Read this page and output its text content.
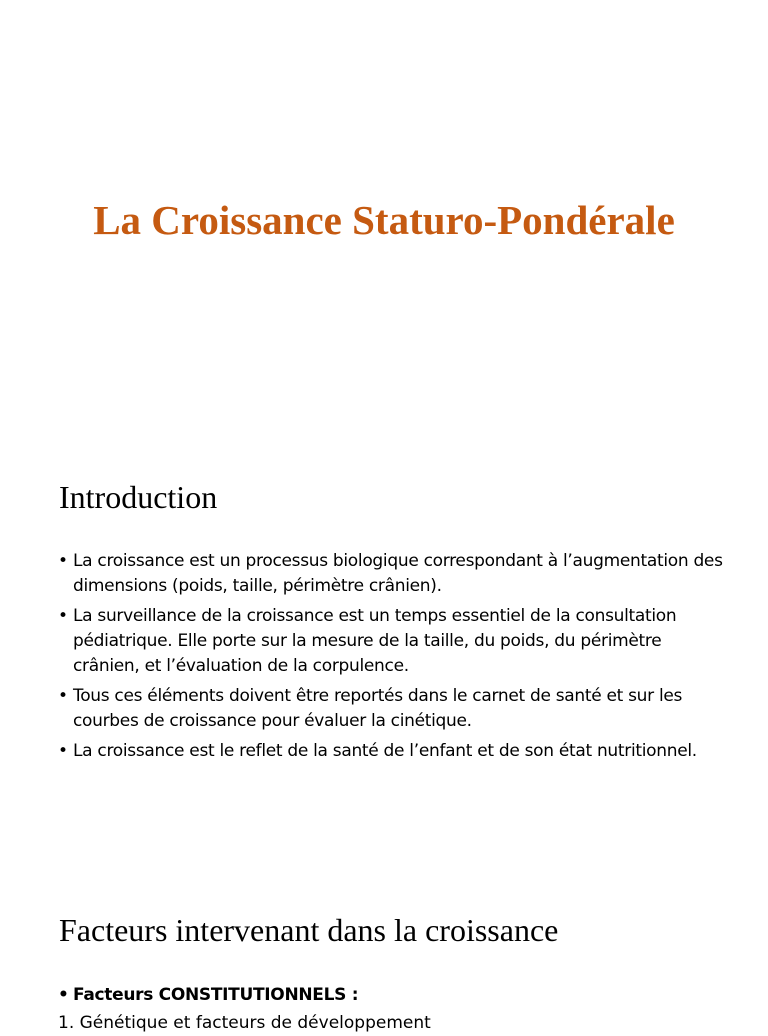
La Croissance Staturo-Pondérale
Introduction
• La croissance est un processus biologique correspondant à l’augmentation des dimensions (poids, taille, périmètre crânien).
• La surveillance de la croissance est un temps essentiel de la consultation pédiatrique. Elle porte sur la mesure de la taille, du poids, du périmètre crânien, et l’évaluation de la corpulence.
• Tous ces éléments doivent être reportés dans le carnet de santé et sur les courbes de croissance pour évaluer la cinétique.
• La croissance est le reflet de la santé de l’enfant et de son état nutritionnel.
Facteurs intervenant dans la croissance
• Facteurs CONSTITUTIONNELS :
1. Génétique et facteurs de développement
